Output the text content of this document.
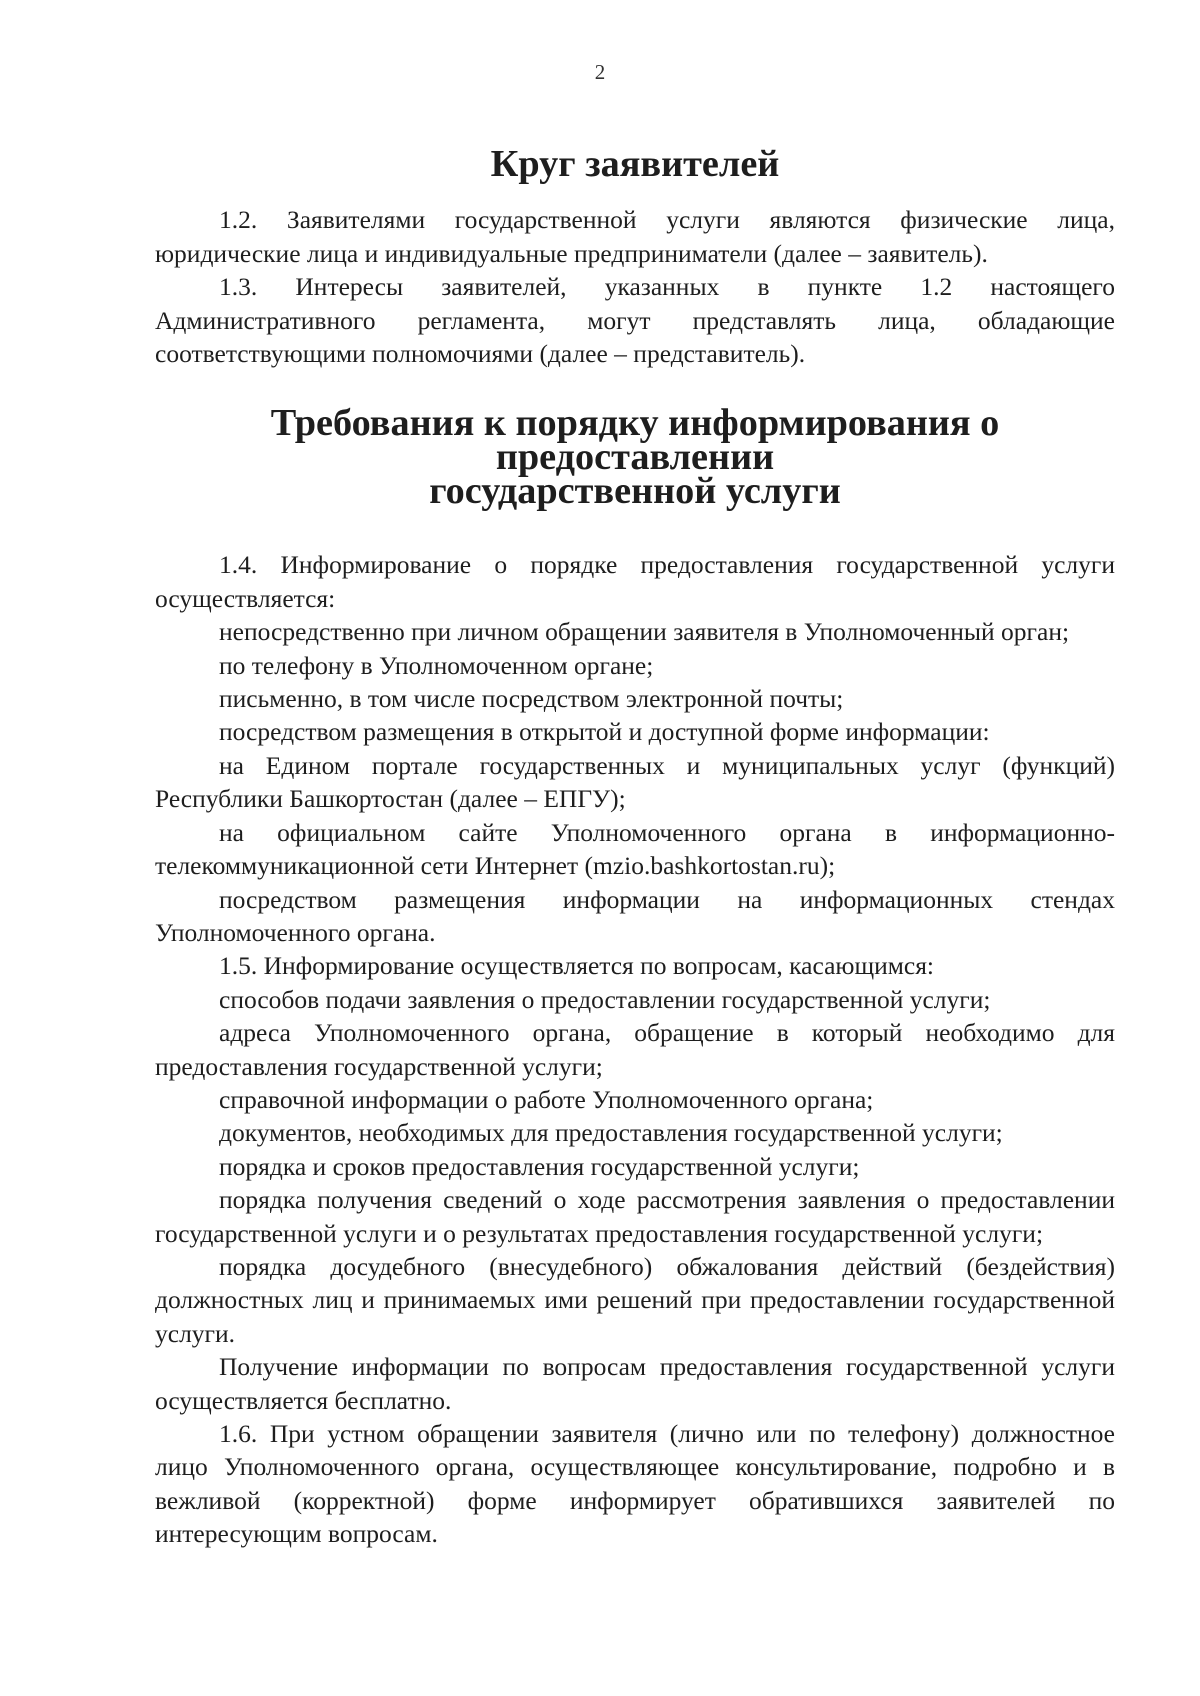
2
Круг заявителей

1.2. Заявителями государственной услуги являются физические лица, юридические лица и индивидуальные предприниматели (далее – заявитель).

1.3. Интересы заявителей, указанных в пункте 1.2 настоящего Административного регламента, могут представлять лица, обладающие соответствующими полномочиями (далее – представитель).

Требования к порядку информирования о предоставлении
государственной услуги

1.4. Информирование о порядке предоставления государственной услуги осуществляется:

непосредственно при личном обращении заявителя в Уполномоченный орган;

по телефону в Уполномоченном органе;

письменно, в том числе посредством электронной почты;

посредством размещения в открытой и доступной форме информации:

на Едином портале государственных и муниципальных услуг (функций) Республики Башкортостан (далее – ЕПГУ);

на официальном сайте Уполномоченного органа в информационно-телекоммуникационной сети Интернет (mzio.bashkortostan.ru);

посредством размещения информации на информационных стендах Уполномоченного органа.

1.5. Информирование осуществляется по вопросам, касающимся:

способов подачи заявления о предоставлении государственной услуги;

адреса Уполномоченного органа, обращение в который необходимо для предоставления государственной услуги;

справочной информации о работе Уполномоченного органа;

документов, необходимых для предоставления государственной услуги;

порядка и сроков предоставления государственной услуги;

порядка получения сведений о ходе рассмотрения заявления о предоставлении государственной услуги и о результатах предоставления государственной услуги;

порядка досудебного (внесудебного) обжалования действий (бездействия) должностных лиц и принимаемых ими решений при предоставлении государственной услуги.

Получение информации по вопросам предоставления государственной услуги осуществляется бесплатно.

1.6. При устном обращении заявителя (лично или по телефону) должностное лицо Уполномоченного органа, осуществляющее консультирование, подробно и в вежливой (корректной) форме информирует обратившихся заявителей по интересующим вопросам.
